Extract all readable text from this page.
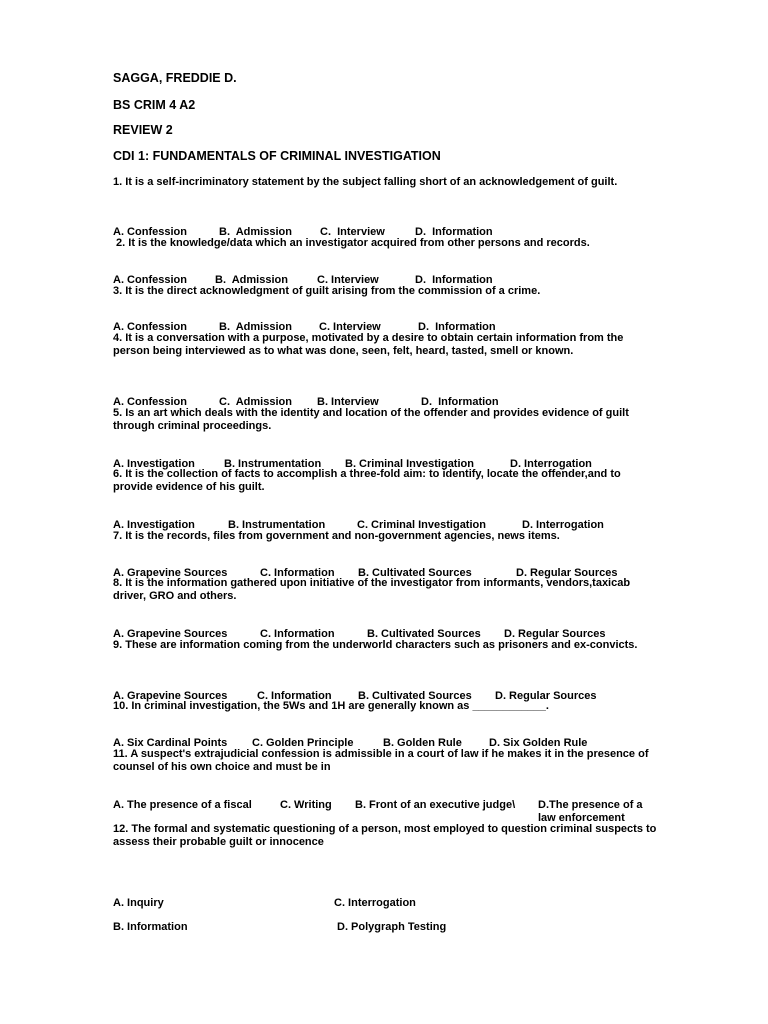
SAGGA, FREDDIE D.

BS CRIM 4 A2

REVIEW 2

CDI 1: FUNDAMENTALS OF CRIMINAL INVESTIGATION

1. It is a self-incriminatory statement by the subject falling short of an acknowledgement of guilt.

A. Confession	B.  Admission	C.  Interview	D.  Information

2. It is the knowledge/data which an investigator acquired from other persons and records.

A. Confession	B.  Admission	C. Interview	D.  Information

3. It is the direct acknowledgment of guilt arising from the commission of a crime.

A. Confession	B.  Admission C. Interview	D.  Information

4. It is a conversation with a purpose, motivated by a desire to obtain certain information from the person being interviewed as to what was done, seen, felt, heard, tasted, smell or known.

A. Confession	C.  Admission B. Interview	D.  Information

5. Is an art which deals with the identity and location of the offender and provides evidence of guilt through criminal proceedings.

A. Investigation	B. Instrumentation B. Criminal Investigation	D. Interrogation

6. It is the collection of facts to accomplish a three-fold aim: to identify, locate the offender,and to provide evidence of his guilt.

A. Investigation	B. Instrumentation	C. Criminal Investigation	D. Interrogation

7. It is the records, files from government and non-government agencies, news items.

A. Grapevine Sources	C. Information B. Cultivated Sources	D. Regular Sources

8. It is the information gathered upon initiative of the investigator from informants, vendors,taxicab driver, GRO and others.

A. Grapevine Sources	C. Information	B. Cultivated Sources D. Regular Sources

9. These are information coming from the underworld characters such as prisoners and ex-convicts.

A. Grapevine Sources	C. Information B. Cultivated Sources D. Regular Sources

10. In criminal investigation, the 5Ws and 1H are generally known as ____________.

A. Six Cardinal Points C. Golden Principle	B. Golden Rule D. Six Golden Rule

11. A suspect's extrajudicial confession is admissible in a court of law if he makes it in the presence of counsel of his own choice and must be in

A. The presence of a fiscal	C. Writing B. Front of an executive judge\ D.The presence of a law enforcement

12. The formal and systematic questioning of a person, most employed to question criminal suspects to assess their probable guilt or innocence

A. Inquiry	C. Interrogation

B. Information	D. Polygraph Testing
